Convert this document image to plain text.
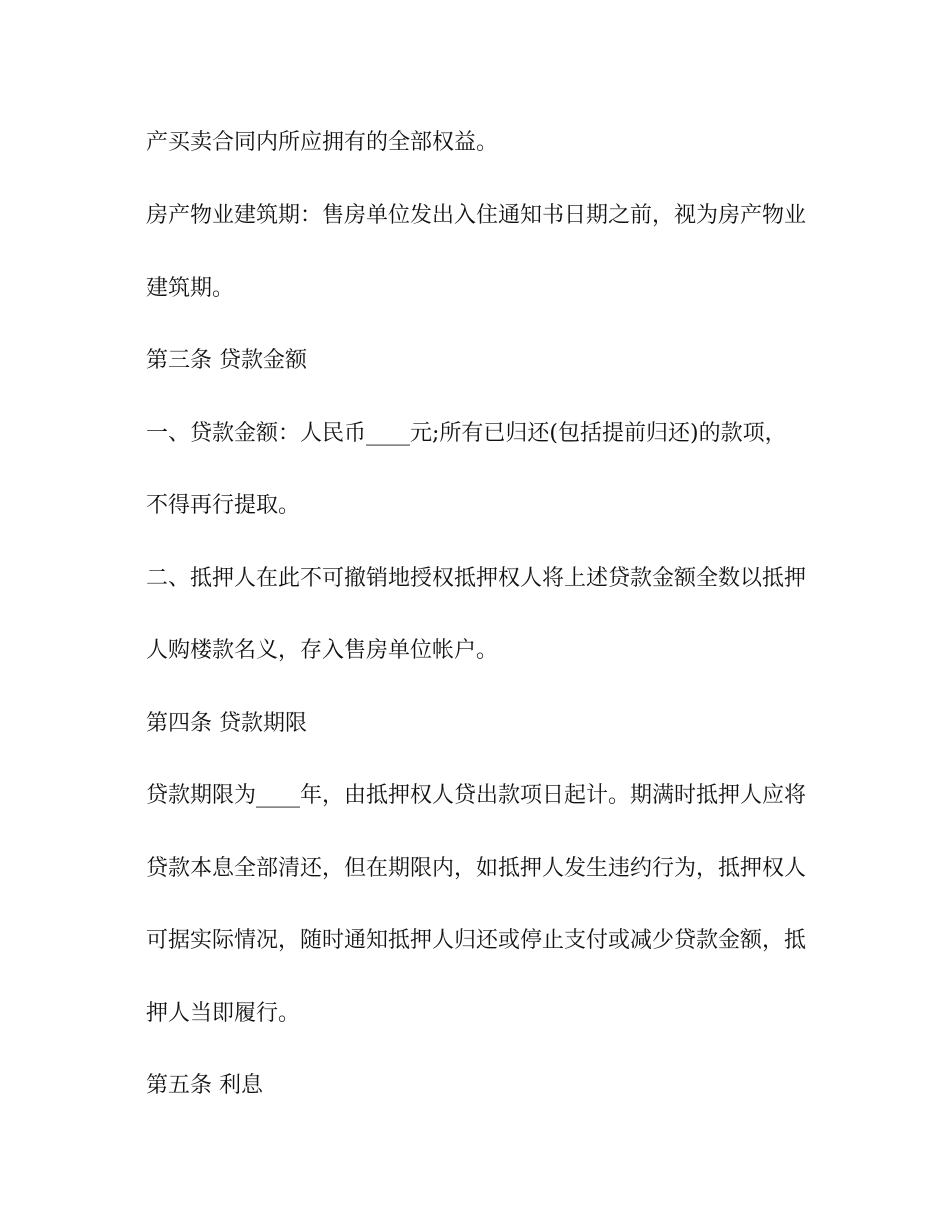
产买卖合同内所应拥有的全部权益。
房产物业建筑期：售房单位发出入住通知书日期之前，视为房产物业
建筑期。
第三条 贷款金额
一、贷款金额：人民币____元;所有已归还(包括提前归还)的款项，
不得再行提取。
二、抵押人在此不可撤销地授权抵押权人将上述贷款金额全数以抵押
人购楼款名义，存入售房单位帐户。
第四条 贷款期限
贷款期限为____年，由抵押权人贷出款项日起计。期满时抵押人应将
贷款本息全部清还，但在期限内，如抵押人发生违约行为，抵押权人
可据实际情况，随时通知抵押人归还或停止支付或减少贷款金额，抵
押人当即履行。
第五条 利息
